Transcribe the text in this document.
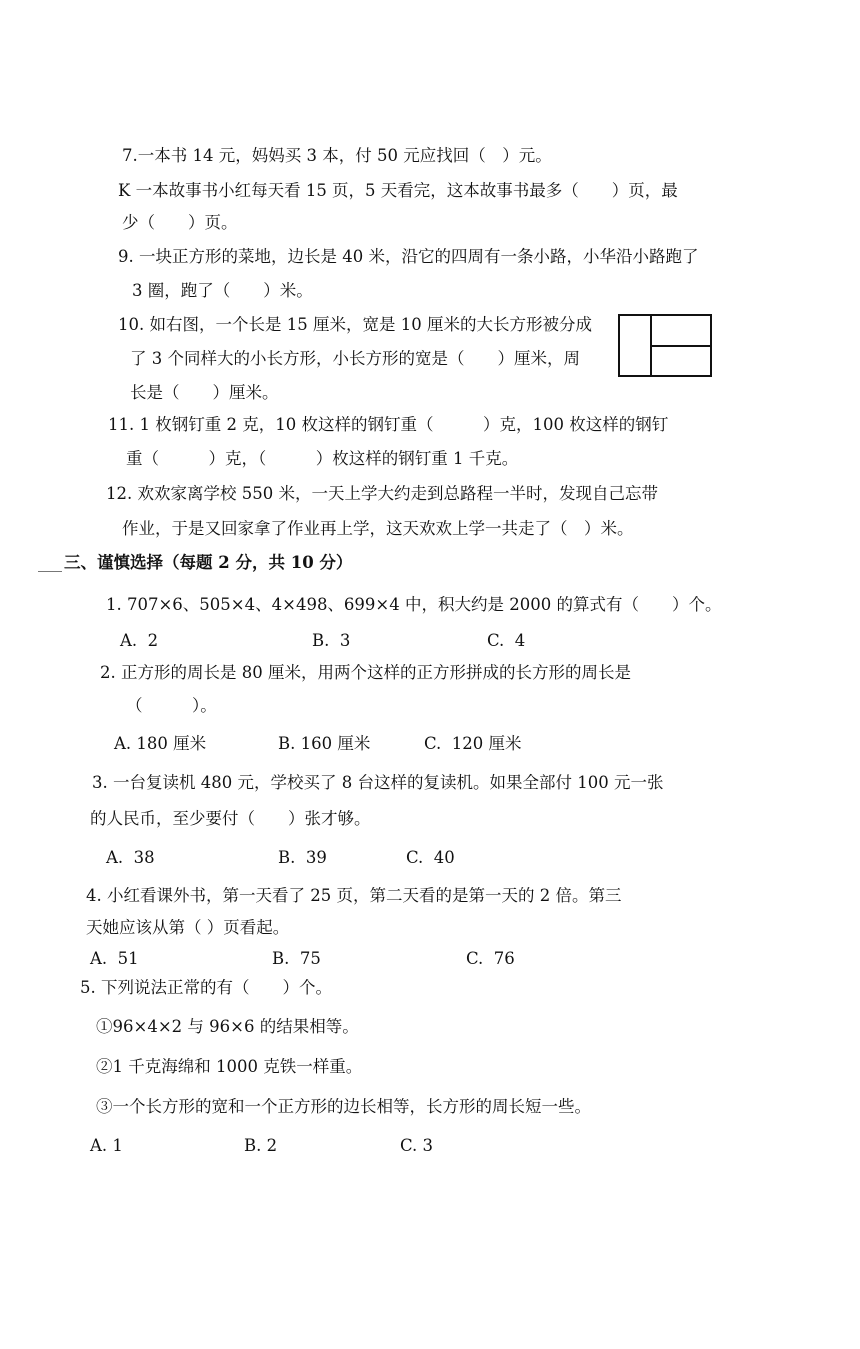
7.一本书 14 元，妈妈买 3 本，付 50 元应找回（　）元。
K 一本故事书小红每天看 15 页，5 天看完，这本故事书最多（　　）页，最
少（　　）页。
9. 一块正方形的菜地，边长是 40 米，沿它的四周有一条小路，小华沿小路跑了
3 圈，跑了（　　）米。
10. 如右图，一个长是 15 厘米，宽是 10 厘米的大长方形被分成
了 3 个同样大的小长方形，小长方形的宽是（　　）厘米，周
长是（　　）厘米。
11. 1 枚钢钉重 2 克，10 枚这样的钢钉重（　　　）克，100 枚这样的钢钉
重（　　　）克，（　　　）枚这样的钢钉重 1 千克。
12. 欢欢家离学校 550 米，一天上学大约走到总路程一半时，发现自己忘带
作业，于是又回家拿了作业再上学，这天欢欢上学一共走了（　）米。
三、谨慎选择（每题 2 分，共 10 分）
1. 707×6、505×4、4×498、699×4 中，积大约是 2000 的算式有（　　）个。
A.  2	B.  3	C.  4
2. 正方形的周长是 80 厘米，用两个这样的正方形拼成的长方形的周长是
（　　　）。
A. 180 厘米	B. 160 厘米	C.  120 厘米
3. 一台复读机 480 元，学校买了 8 台这样的复读机。如果全部付 100 元一张
的人民币，至少要付（　　）张才够。
A.  38	B.  39	C.  40
4. 小红看课外书，第一天看了 25 页，第二天看的是第一天的 2 倍。第三
天她应该从第（ ）页看起。
A.  51	B.  75	C.  76
5. 下列说法正常的有（　　）个。
①96×4×2 与 96×6 的结果相等。
②1 千克海绵和 1000 克铁一样重。
③一个长方形的宽和一个正方形的边长相等，长方形的周长短一些。
A. 1	B. 2	C. 3
